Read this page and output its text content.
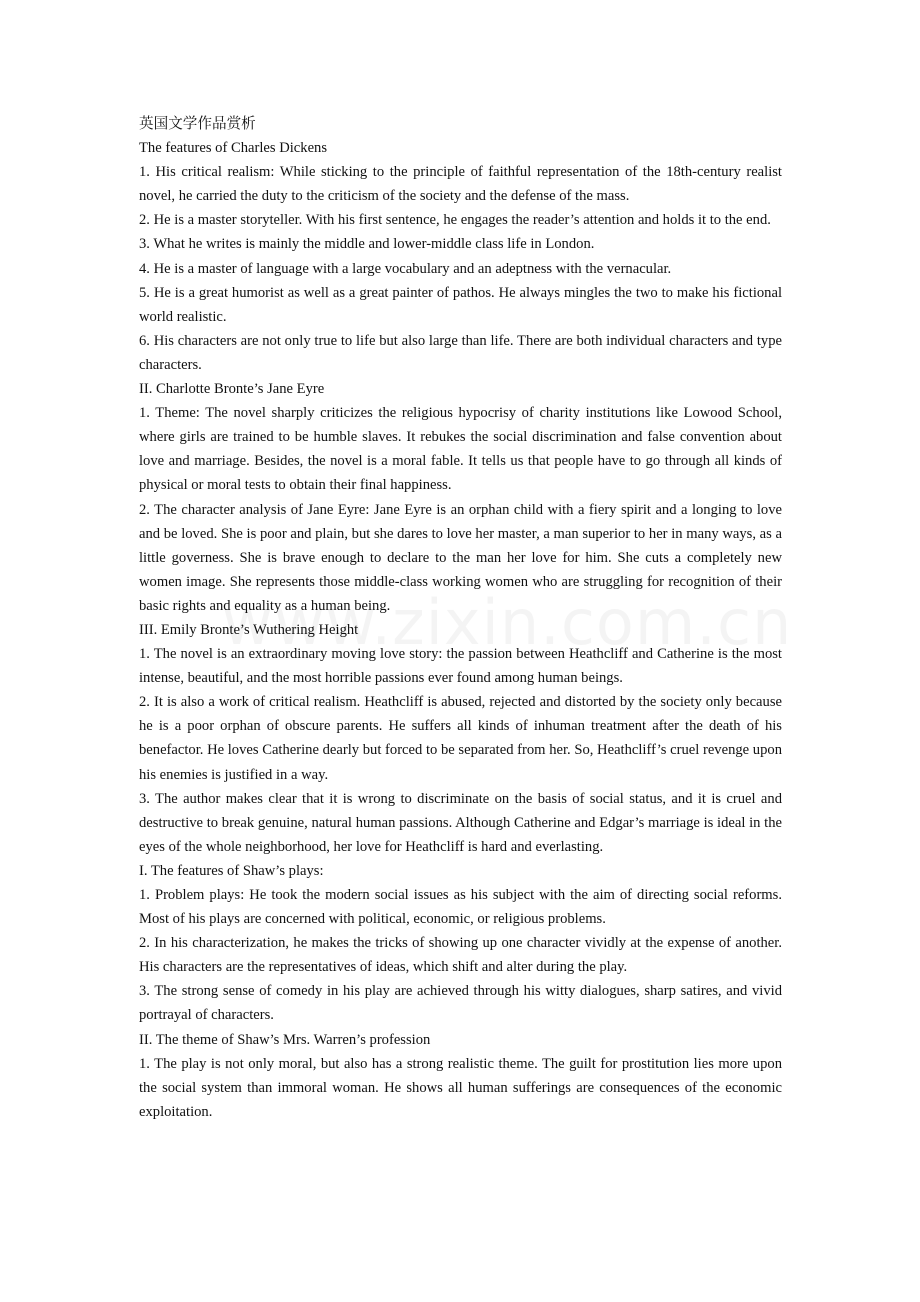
英国文学作品赏析

The features of Charles Dickens

1. His critical realism: While sticking to the principle of faithful representation of the 18th-century realist novel, he carried the duty to the criticism of the society and the defense of the mass.

2. He is a master storyteller. With his first sentence, he engages the reader’s attention and holds it to the end.

3. What he writes is mainly the middle and lower-middle class life in London.

4. He is a master of language with a large vocabulary and an adeptness with the vernacular.

5. He is a great humorist as well as a great painter of pathos. He always mingles the two to make his fictional world realistic.

6. His characters are not only true to life but also large than life. There are both individual characters and type characters.

II. Charlotte Bronte’s Jane Eyre

1. Theme: The novel sharply criticizes the religious hypocrisy of charity institutions like Lowood School, where girls are trained to be humble slaves. It rebukes the social discrimination and false convention about love and marriage. Besides, the novel is a moral fable. It tells us that people have to go through all kinds of physical or moral tests to obtain their final happiness.

2. The character analysis of Jane Eyre: Jane Eyre is an orphan child with a fiery spirit and a longing to love and be loved. She is poor and plain, but she dares to love her master, a man superior to her in many ways, as a little governess. She is brave enough to declare to the man her love for him. She cuts a completely new women image. She represents those middle-class working women who are struggling for recognition of their basic rights and equality as a human being.

III. Emily Bronte’s Wuthering Height

1. The novel is an extraordinary moving love story: the passion between Heathcliff and Catherine is the most intense, beautiful, and the most horrible passions ever found among human beings.

2. It is also a work of critical realism. Heathcliff is abused, rejected and distorted by the society only because he is a poor orphan of obscure parents. He suffers all kinds of inhuman treatment after the death of his benefactor. He loves Catherine dearly but forced to be separated from her. So, Heathcliff’s cruel revenge upon his enemies is justified in a way.

3. The author makes clear that it is wrong to discriminate on the basis of social status, and it is cruel and destructive to break genuine, natural human passions. Although Catherine and Edgar’s marriage is ideal in the eyes of the whole neighborhood, her love for Heathcliff is hard and everlasting.

I. The features of Shaw’s plays:

1. Problem plays: He took the modern social issues as his subject with the aim of directing social reforms. Most of his plays are concerned with political, economic, or religious problems.

2. In his characterization, he makes the tricks of showing up one character vividly at the expense of another. His characters are the representatives of ideas, which shift and alter during the play.

3. The strong sense of comedy in his play are achieved through his witty dialogues, sharp satires, and vivid portrayal of characters.

II. The theme of Shaw’s Mrs. Warren’s profession

1. The play is not only moral, but also has a strong realistic theme. The guilt for prostitution lies more upon the social system than immoral woman. He shows all human sufferings are consequences of the economic exploitation.
